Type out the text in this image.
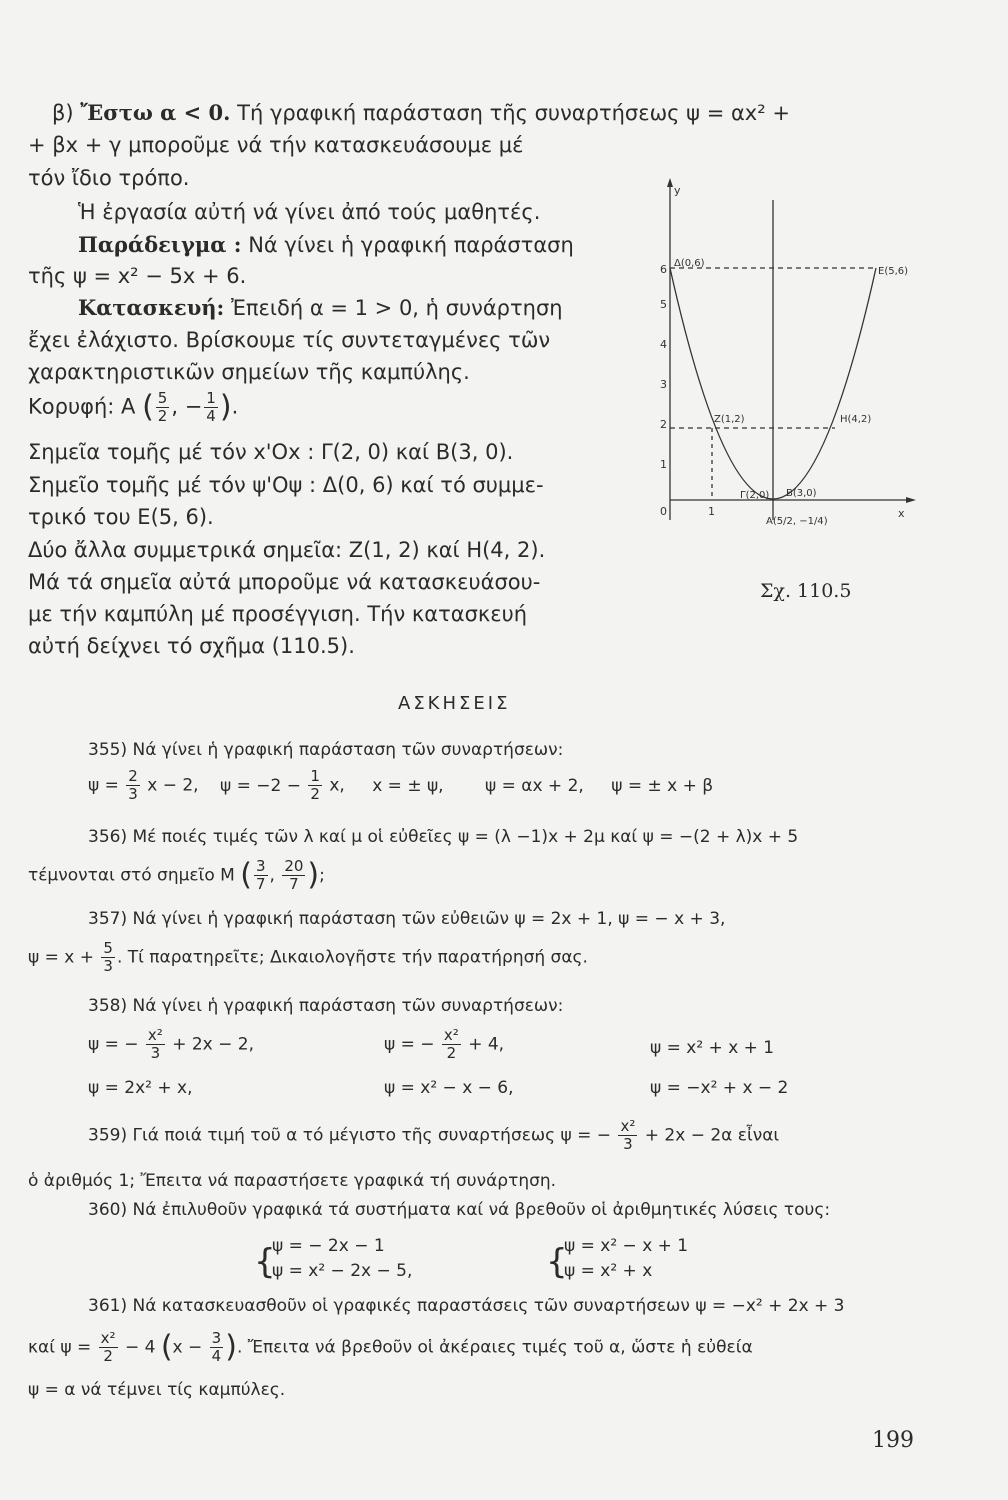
β) Ἔστω α < 0. Τή γραφική παράσταση τῆς συναρτήσεως ψ = αx² +
+ βx + γ μποροῦμε νά τήν κατασκευάσουμε μέ
τόν ἴδιο τρόπο.
Ἡ ἐργασία αὐτή νά γίνει ἀπό τούς μαθητές.
Παράδειγμα : Νά γίνει ἡ γραφική παράσταση
τῆς ψ = x² − 5x + 6.
Κατασκευή: Ἐπειδή α = 1 > 0, ἡ συνάρτηση
ἔχει ἐλάχιστο. Βρίσκουμε τίς συντεταγμένες τῶν
χαρακτηριστικῶν σημείων τῆς καμπύλης.
Κορυφή: Α ( $\frac{5}{2}$ , − $\frac{1}{4}$ ).
Σημεῖα τομῆς μέ τόν x'Ox : Γ(2, 0) καί Β(3, 0).
Σημεῖο τομῆς μέ τόν ψ'Οψ : Δ(0, 6) καί τό συμμε-
τρικό του Ε(5, 6).
Δύο ἄλλα συμμετρικά σημεῖα: Ζ(1, 2) καί Η(4, 2).
Μά τά σημεῖα αὐτά μποροῦμε νά κατασκευάσου-
με τήν καμπύλη μέ προσέγγιση. Τήν κατασκευή
αὐτή δείχνει τό σχῆμα (110.5).
y
x
0	1
1
2
3
4
5
6 Δ(0,6)
Ε(5,6)
Ζ(1,2)	Η(4,2)
Γ(2,0) Β(3,0)
Α(5/2, −1/4)
Σχ. 110.5
ΑΣΚΗΣΕΙΣ
355) Νά γίνει ἡ γραφική παράσταση τῶν συναρτήσεων:
$\psi = \frac{2}{3}$ x − 2, $\psi = -2 - \frac{1}{2} x$, x = ± ψ, ψ = αx + 2, ψ = ± x + β
356) Μέ ποιές τιμές τῶν λ καί μ οἱ εὐθεῖες ψ = (λ −1)x + 2μ καί ψ = −(2 + λ)x + 5
τέμνονται στό σημεῖο Μ ( $\frac{3}{7}$ , $\frac{20}{7}$ );
357) Νά γίνει ἡ γραφική παράσταση τῶν εὐθειῶν ψ = 2x + 1, ψ = − x + 3,
$\psi = x + \frac{5}{3}$ . Τί παρατηρεῖτε; Δικαιολογῆστε τήν παρατήρησή σας.
358) Νά γίνει ἡ γραφική παράσταση τῶν συναρτήσεων:
ψ = − $\frac{\text{x²}}{3} + 2x - 2$,	ψ = − $\frac{\text{x²}}{2} + 4$,	ψ = x² + x + 1
ψ = 2x² + x,	ψ = x² − x − 6,	ψ = −x² + x − 2
359) Γιά ποιά τιμή τοῦ α τό μέγιστο τῆς συναρτήσεως ψ = − $\frac{\text{x²}}{3} + 2x - 2\alpha$ εἶναι
ὁ ἀριθμός 1; Ἔπειτα νά παραστήσετε γραφικά τή συνάρτηση.
360) Νά ἐπιλυθοῦν γραφικά τά συστήματα καί νά βρεθοῦν οἱ ἀριθμητικές λύσεις τους:
{
ψ = − 2x − 1
ψ = x² − 2x − 5,	{
ψ = x² − x + 1
ψ = x² + x
361) Νά κατασκευασθοῦν οἱ γραφικές παραστάσεις τῶν συναρτήσεων ψ = −x² + 2x + 3
καί $\psi = \frac{\text{x²}}{2} - 4$ ($x - \frac{3}{4}$ ). Ἔπειτα νά βρεθοῦν οἱ ἀκέραιες τιμές τοῦ α, ὥστε ἡ εὐθεία
ψ = α νά τέμνει τίς καμπύλες.
199
